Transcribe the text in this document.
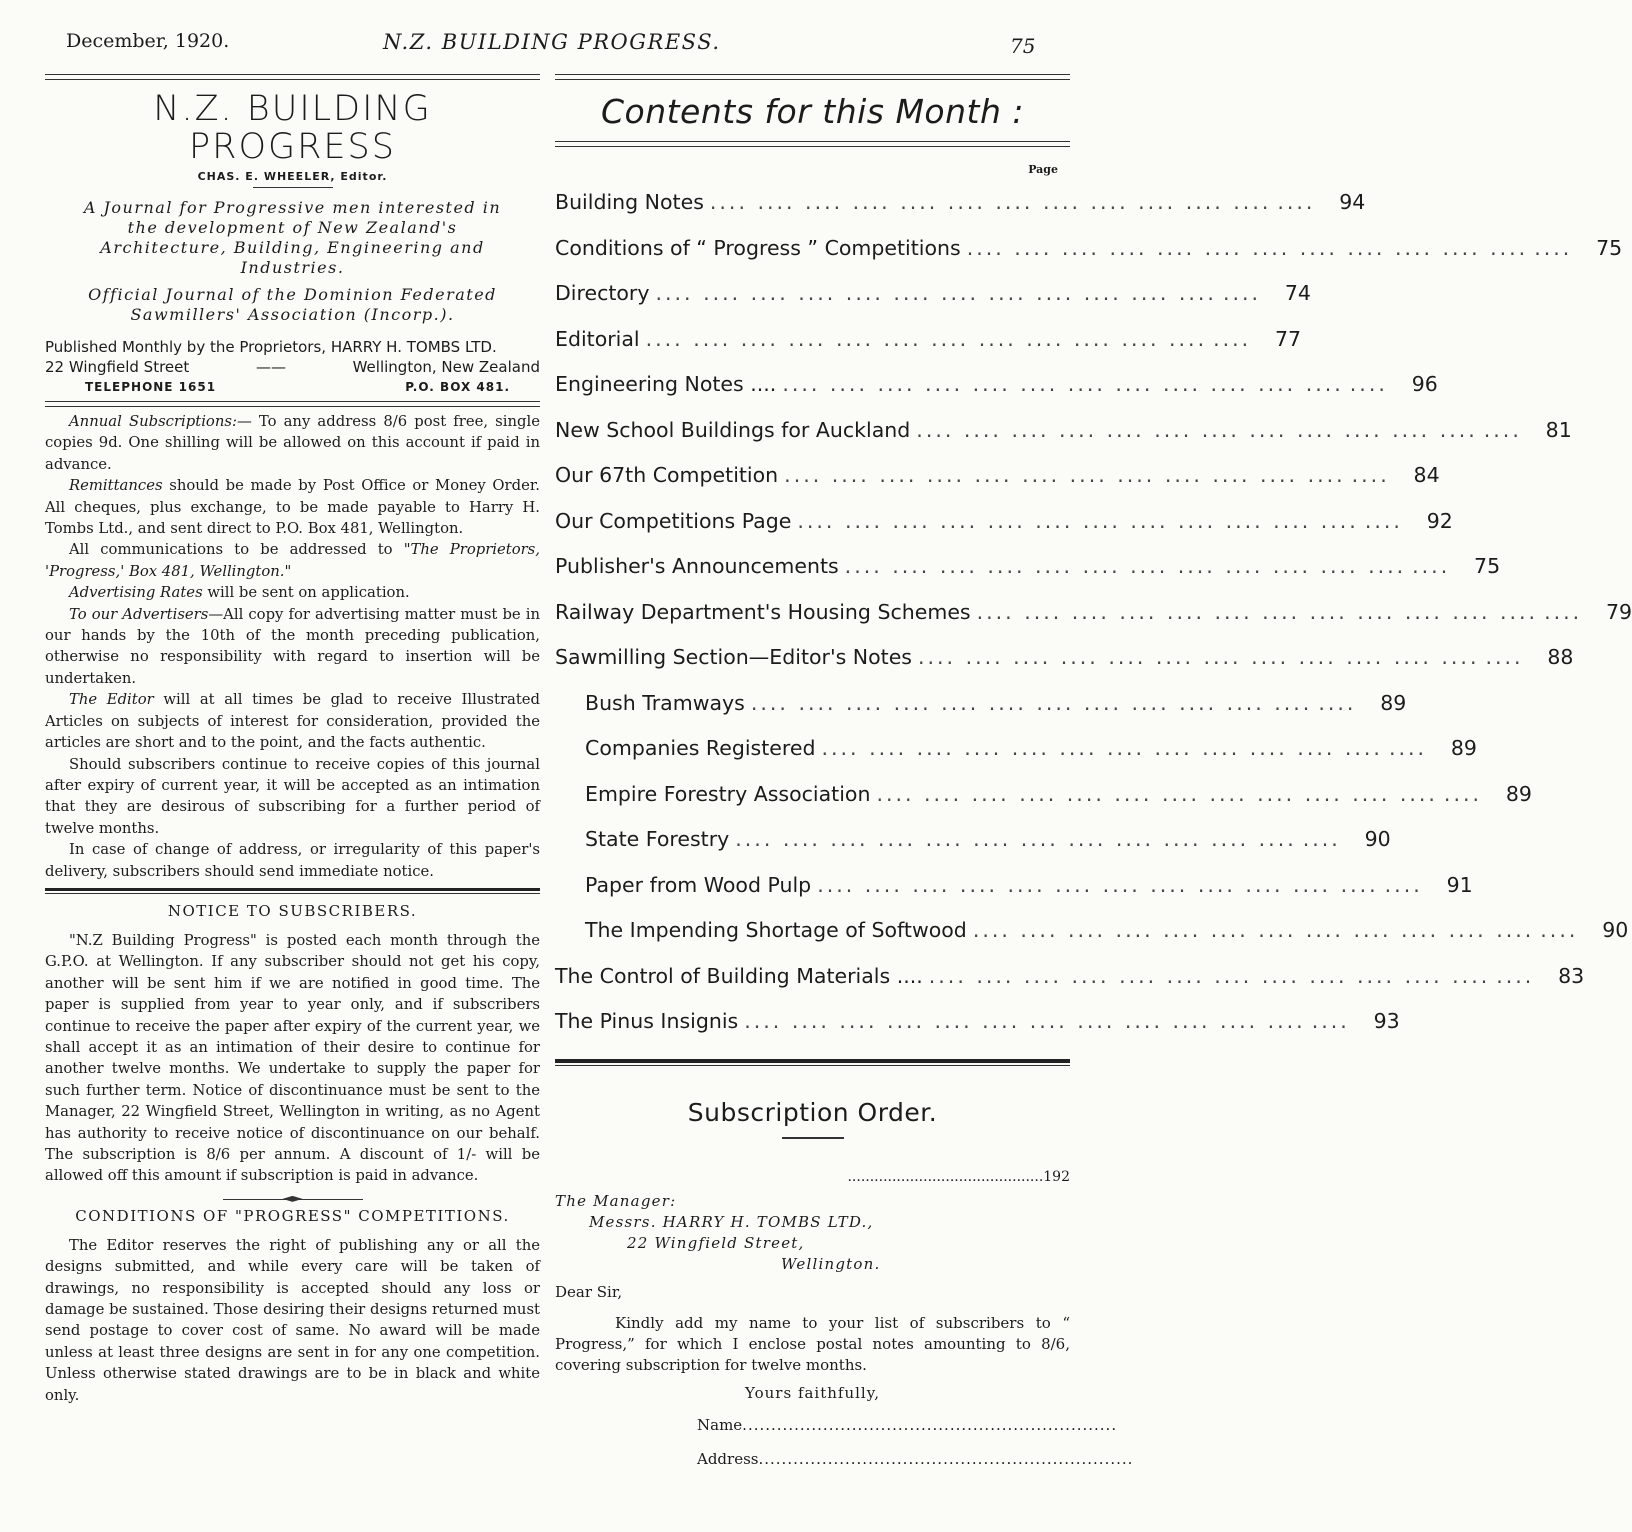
December, 1920.	N.Z. BUILDING PROGRESS.	75
N.Z. BUILDING PROGRESS
CHAS. E. WHEELER, Editor.
A Journal for Progressive men interested in the development of New Zealand's Architecture, Building, Engineering and Industries.
Official Journal of the Dominion Federated Sawmillers' Association (Incorp.).
Published Monthly by the Proprietors, HARRY H. TOMBS LTD.
22 Wingfield Street	——	Wellington, New Zealand
TELEPHONE 1651	P.O. BOX 481.

Annual Subscriptions:— To any address 8/6 post free, single copies 9d. One shilling will be allowed on this account if paid in advance.

Remittances should be made by Post Office or Money Order. All cheques, plus exchange, to be made payable to Harry H. Tombs Ltd., and sent direct to P.O. Box 481, Wellington.

All communications to be addressed to "The Proprietors, 'Progress,' Box 481, Wellington."

Advertising Rates will be sent on application.

To our Advertisers—All copy for advertising matter must be in our hands by the 10th of the month preceding publication, otherwise no responsibility with regard to insertion will be undertaken.

The Editor will at all times be glad to receive Illustrated Articles on subjects of interest for consideration, provided the articles are short and to the point, and the facts authentic.

Should subscribers continue to receive copies of this journal after expiry of current year, it will be accepted as an intimation that they are desirous of subscribing for a further period of twelve months.

In case of change of address, or irregularity of this paper's delivery, subscribers should send immediate notice.

NOTICE TO SUBSCRIBERS.

"N.Z Building Progress" is posted each month through the G.P.O. at Wellington. If any subscriber should not get his copy, another will be sent him if we are notified in good time. The paper is supplied from year to year only, and if subscribers continue to receive the paper after expiry of the current year, we shall accept it as an intimation of their desire to continue for another twelve months. We undertake to supply the paper for such further term. Notice of discontinuance must be sent to the Manager, 22 Wingfield Street, Wellington in writing, as no Agent has authority to receive notice of discontinuance on our behalf. The subscription is 8/6 per annum. A discount of 1/- will be allowed off this amount if subscription is paid in advance.

CONDITIONS OF "PROGRESS" COMPETITIONS.

The Editor reserves the right of publishing any or all the designs submitted, and while every care will be taken of drawings, no responsibility is accepted should any loss or damage be sustained. Those desiring their designs returned must send postage to cover cost of same. No award will be made unless at least three designs are sent in for any one competition. Unless otherwise stated drawings are to be in black and white only.

Contents for this Month :
Page
Building Notes ....	....	94
Conditions of “ Progress ” Competitions ....	....	75
Directory ....	....	74
Editorial ....	....	77
Engineering Notes .... ....	....	96
New School Buildings for Auckland ....	....	81
Our 67th Competition ....	....	84
Our Competitions Page ....	....	92
Publisher's Announcements ....	....	75
Railway Department's Housing Schemes ....	....	79
Sawmilling Section—Editor's Notes ....	....	88
Bush Tramways ....	....	89
Companies Registered ....	....	89
Empire Forestry Association ....	....	89
State Forestry ....	....	90
Paper from Wood Pulp ....	....	91
The Impending Shortage of Softwood ....	....	90
The Control of Building Materials .... ....	....	83
The Pinus Insignis ....	....	93
Subscription Order.
............................................192
The Manager:
Messrs. HARRY H. TOMBS LTD.,
22 Wingfield Street,
Wellington.
Dear Sir,

Kindly add my name to your list of subscribers to “ Progress,” for which I enclose postal notes amounting to 8/6, covering subscription for twelve months.

Yours faithfully,
Name.................................................................
Address.................................................................
